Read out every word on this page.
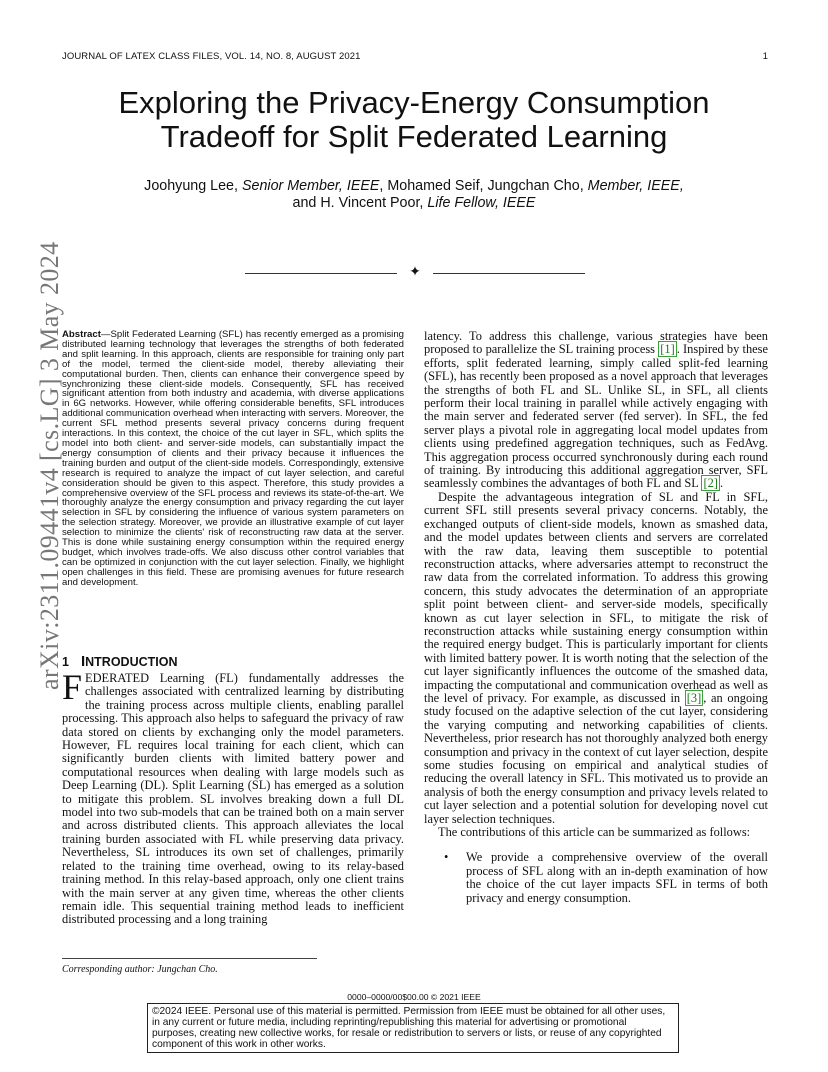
JOURNAL OF LATEX CLASS FILES, VOL. 14, NO. 8, AUGUST 2021	1
Exploring the Privacy-Energy Consumption Tradeoff for Split Federated Learning
Joohyung Lee, Senior Member, IEEE, Mohamed Seif, Jungchan Cho, Member, IEEE,
and H. Vincent Poor, Life Fellow, IEEE
✦
arXiv:2311.09441v4 [cs.LG] 3 May 2024

Abstract—Split Federated Learning (SFL) has recently emerged as a promising distributed learning technology that leverages the strengths of both federated and split learning. In this approach, clients are responsible for training only part of the model, termed the client-side model, thereby alleviating their computational burden. Then, clients can enhance their convergence speed by synchronizing these client-side models. Consequently, SFL has received significant attention from both industry and academia, with diverse applications in 6G networks. However, while offering considerable benefits, SFL introduces additional communication overhead when interacting with servers. Moreover, the current SFL method presents several privacy concerns during frequent interactions. In this context, the choice of the cut layer in SFL, which splits the model into both client- and server-side models, can substantially impact the energy consumption of clients and their privacy because it influences the training burden and output of the client-side models. Correspondingly, extensive research is required to analyze the impact of cut layer selection, and careful consideration should be given to this aspect. Therefore, this study provides a comprehensive overview of the SFL process and reviews its state-of-the-art. We thoroughly analyze the energy consumption and privacy regarding the cut layer selection in SFL by considering the influence of various system parameters on the selection strategy. Moreover, we provide an illustrative example of cut layer selection to minimize the clients' risk of reconstructing raw data at the server. This is done while sustaining energy consumption within the required energy budget, which involves trade-offs. We also discuss other control variables that can be optimized in conjunction with the cut layer selection. Finally, we highlight open challenges in this field. These are promising avenues for future research and development.

1 INTRODUCTION

FEDERATED Learning (FL) fundamentally addresses the challenges associated with centralized learning by distributing the training process across multiple clients, enabling parallel processing. This approach also helps to safeguard the privacy of raw data stored on clients by exchanging only the model parameters. However, FL requires local training for each client, which can significantly burden clients with limited battery power and computational resources when dealing with large models such as Deep Learning (DL). Split Learning (SL) has emerged as a solution to mitigate this problem. SL involves breaking down a full DL model into two sub-models that can be trained both on a main server and across distributed clients. This approach alleviates the local training burden associated with FL while preserving data privacy. Nevertheless, SL introduces its own set of challenges, primarily related to the training time overhead, owing to its relay-based training method. In this relay-based approach, only one client trains with the main server at any given time, whereas the other clients remain idle. This sequential training method leads to inefficient distributed processing and a long training

Corresponding author: Jungchan Cho.

latency. To address this challenge, various strategies have been proposed to parallelize the SL training process [1] . Inspired by these efforts, split federated learning, simply called split-fed learning (SFL), has recently been proposed as a novel approach that leverages the strengths of both FL and SL. Unlike SL, in SFL, all clients perform their local training in parallel while actively engaging with the main server and federated server (fed server). In SFL, the fed server plays a pivotal role in aggregating local model updates from clients using predefined aggregation techniques, such as FedAvg. This aggregation process occurred synchronously during each round of training. By introducing this additional aggregation server, SFL seamlessly combines the advantages of both FL and SL [2] .

Despite the advantageous integration of SL and FL in SFL, current SFL still presents several privacy concerns. Notably, the exchanged outputs of client-side models, known as smashed data, and the model updates between clients and servers are correlated with the raw data, leaving them susceptible to potential reconstruction attacks, where adversaries attempt to reconstruct the raw data from the correlated information. To address this growing concern, this study advocates the determination of an appropriate split point between client- and server-side models, specifically known as cut layer selection in SFL, to mitigate the risk of reconstruction attacks while sustaining energy consumption within the required energy budget. This is particularly important for clients with limited battery power. It is worth noting that the selection of the cut layer significantly influences the outcome of the smashed data, impacting the computational and communication overhead as well as the level of privacy. For example, as discussed in [3] , an ongoing study focused on the adaptive selection of the cut layer, considering the varying computing and networking capabilities of clients. Nevertheless, prior research has not thoroughly analyzed both energy consumption and privacy in the context of cut layer selection, despite some studies focusing on empirical and analytical studies of reducing the overall latency in SFL. This motivated us to provide an analysis of both the energy consumption and privacy levels related to cut layer selection and a potential solution for developing novel cut layer selection techniques.

The contributions of this article can be summarized as follows:

• We provide a comprehensive overview of the overall process of SFL along with an in-depth examination of how the choice of the cut layer impacts SFL in terms of both privacy and energy consumption.
0000–0000/00$00.00 © 2021 IEEE
©2024 IEEE. Personal use of this material is permitted. Permission from IEEE must be obtained for all other uses, in any current or future media, including reprinting/republishing this material for advertising or promotional purposes, creating new collective works, for resale or redistribution to servers or lists, or reuse of any copyrighted component of this work in other works.
